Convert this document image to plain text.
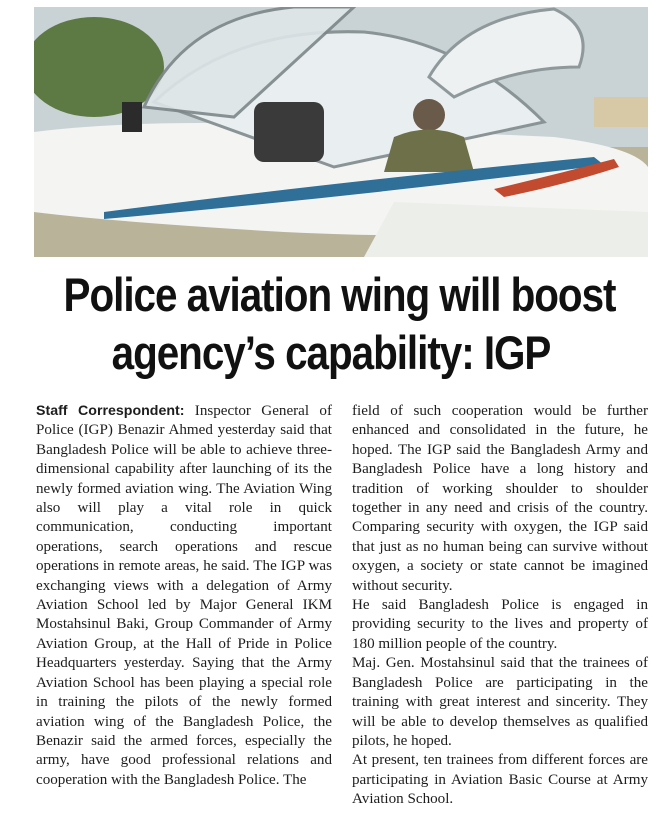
Police aviation wing will boost
agency’s capability: IGP

Staff Correspondent: Inspector General of Police (IGP) Benazir Ahmed yesterday said that Bangladesh Police will be able to achieve three-dimensional capability after launching of its the newly formed aviation wing. The Aviation Wing also will play a vital role in quick communication, conducting important operations, search operations and rescue operations in remote areas, he said. The IGP was exchanging views with a delegation of Army Aviation School led by Major General IKM Mostahsinul Baki, Group Commander of Army Aviation Group, at the Hall of Pride in Police Headquarters yesterday. Saying that the Army Aviation School has been playing a special role in training the pilots of the newly formed aviation wing of the Bangladesh Police, the Benazir said the armed forces, especially the army, have good professional relations and cooperation with the Bangladesh Police. The

field of such cooperation would be further enhanced and consolidated in the future, he hoped. The IGP said the Bangladesh Army and Bangladesh Police have a long history and tradition of working shoulder to shoulder together in any need and crisis of the country. Comparing security with oxygen, the IGP said that just as no human being can survive without oxygen, a society or state cannot be imagined without security.

He said Bangladesh Police is engaged in providing security to the lives and property of 180 million people of the country.

Maj. Gen. Mostahsinul said that the trainees of Bangladesh Police are participating in the training with great interest and sincerity. They will be able to develop themselves as qualified pilots, he hoped.

At present, ten trainees from different forces are participating in Aviation Basic Course at Army Aviation School.
